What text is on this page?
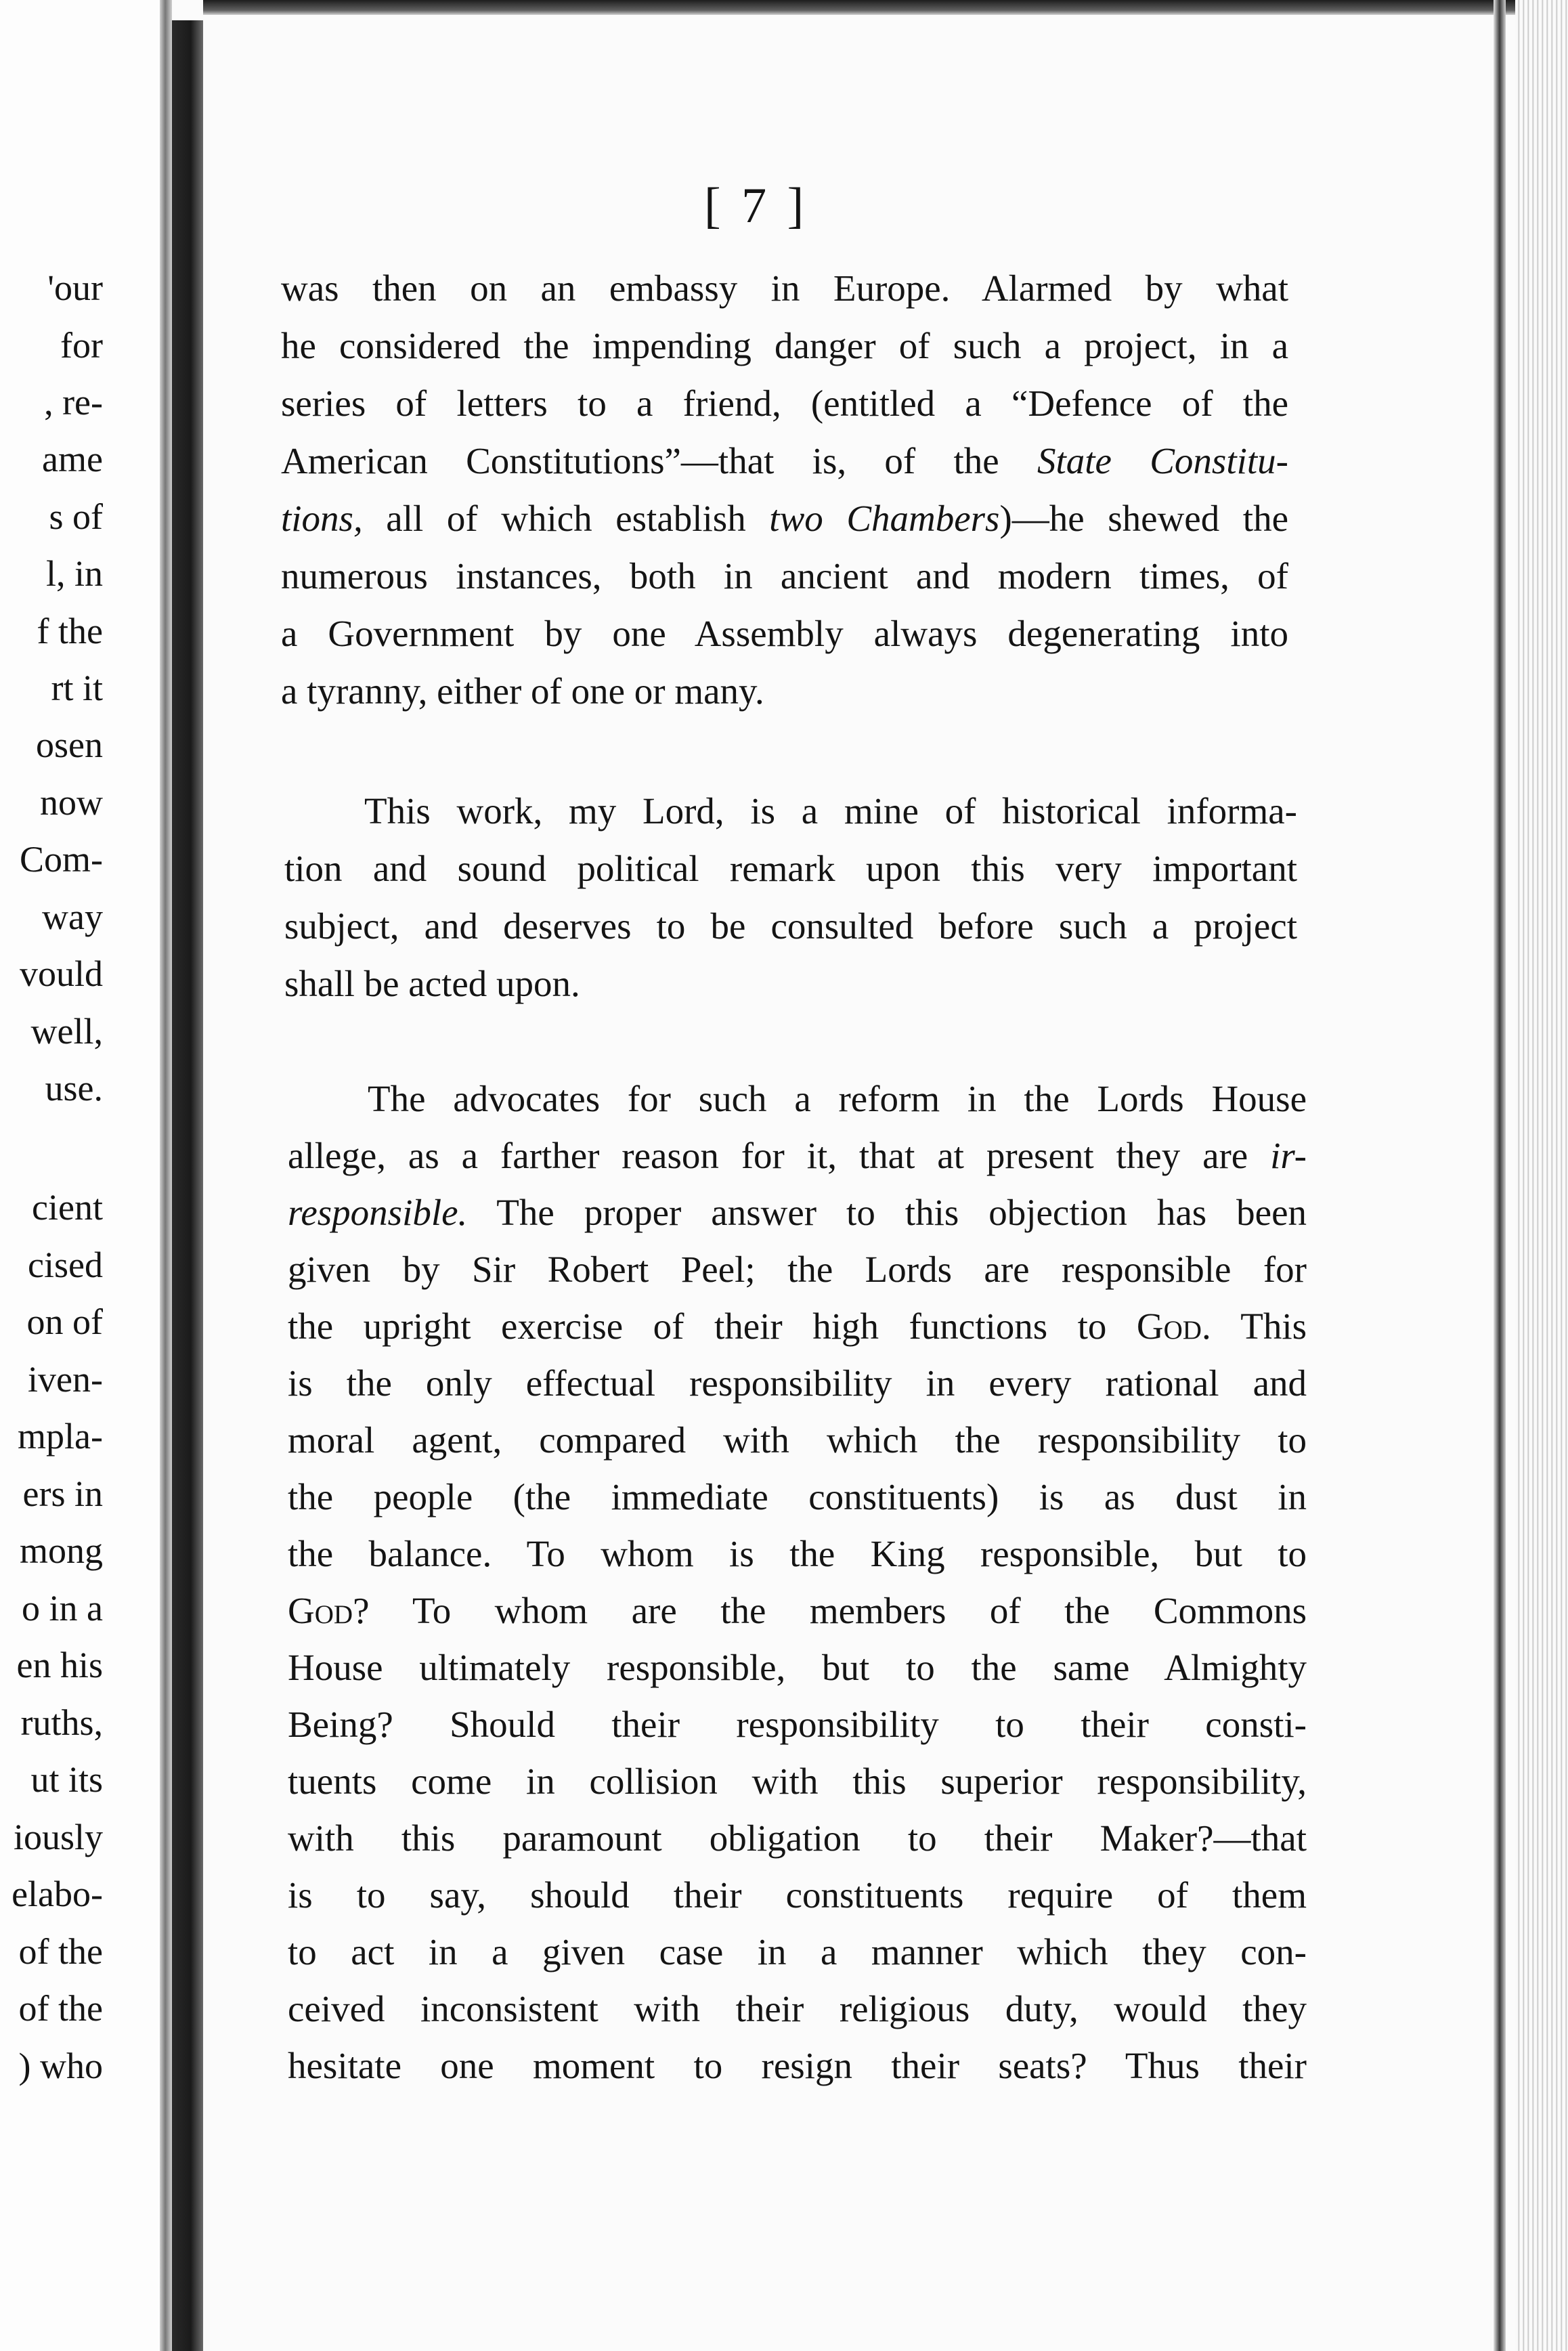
'our
for
, re-
ame
s of
l, in
f the
rt it
osen
now
Com-
way
vould
well,
use.
cient
cised
on of
iven-
mpla-
ers in
mong
o in a
en his
ruths,
ut its
iously
elabo-
of the
of the
) who
[ 7 ]
was then on an embassy in Europe. Alarmed by what
he considered the impending danger of such a project, in a
series of letters to a friend, (entitled a “Defence of the
American Constitutions”—that is, of the State Constitu-
tions, all of which establish two Chambers)—he shewed the
numerous instances, both in ancient and modern times, of
a Government by one Assembly always degenerating into
a tyranny, either of one or many.
This work, my Lord, is a mine of historical informa-
tion and sound political remark upon this very important
subject, and deserves to be consulted before such a project
shall be acted upon.
The advocates for such a reform in the Lords House
allege, as a farther reason for it, that at present they are ir-
responsible. The proper answer to this objection has been
given by Sir Robert Peel; the Lords are responsible for
the upright exercise of their high functions to God. This
is the only effectual responsibility in every rational and
moral agent, compared with which the responsibility to
the people (the immediate constituents) is as dust in
the balance. To whom is the King responsible, but to
God? To whom are the members of the Commons
House ultimately responsible, but to the same Almighty
Being? Should their responsibility to their consti-
tuents come in collision with this superior responsibility,
with this paramount obligation to their Maker?—that
is to say, should their constituents require of them
to act in a given case in a manner which they con-
ceived inconsistent with their religious duty, would they
hesitate one moment to resign their seats? Thus their
